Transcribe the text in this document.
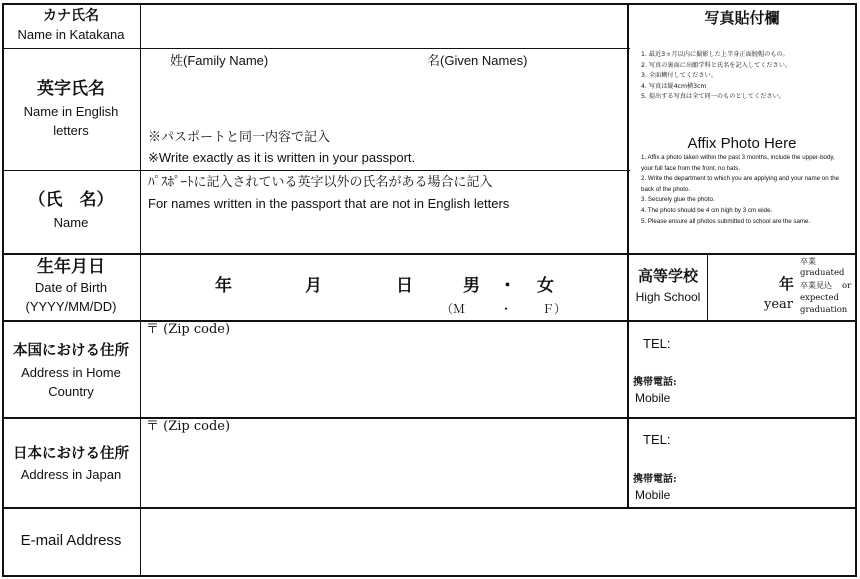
カナ氏名
Name in Katakana
英字氏名
Name in English
letters
姓(Family Name)	名(Given Names)
※パスポートと同一内容で記入
※Write exactly as it is written in your passport.
（氏　名）
Name
ﾊﾟｽﾎﾟｰﾄに記入されている英字以外の氏名がある場合に記入
For names written in the passport that are not in English letters
写真貼付欄
1. 最近3ヵ月以内に撮影した上半身正面脱帽のもの。
2. 写真の裏面に出願学科と氏名を記入してください。
3. 全面糊付してください。
4. 写真は縦4cm横3cm
5. 提出する写真は全て同一のものとしてください。
Affix Photo Here
1. Affix a photo taken within the past 3 months, include the upper-body, your full face from the front, no hats.
2. Write the department to which you are applying and your name on the back of the photo.
3. Securely glue the photo.
4. The photo should be 4 cm high by 3 cm wide.
5. Please ensure all photos submitted to school are the same.
生年月日
Date of Birth
(YYYY/MM/DD)
年	月	日	男 ・ 女
（Ｍ	・ Ｆ）
高等学校
High School
年
year
卒業
graduated
卒業見込 or
expected
graduation
本国における住所
Address in Home
Country
〒 (Zip code)
TEL:
携帯電話:
Mobile
日本における住所
Address in Japan
〒 (Zip code)
TEL:
携帯電話:
Mobile
E-mail Address
